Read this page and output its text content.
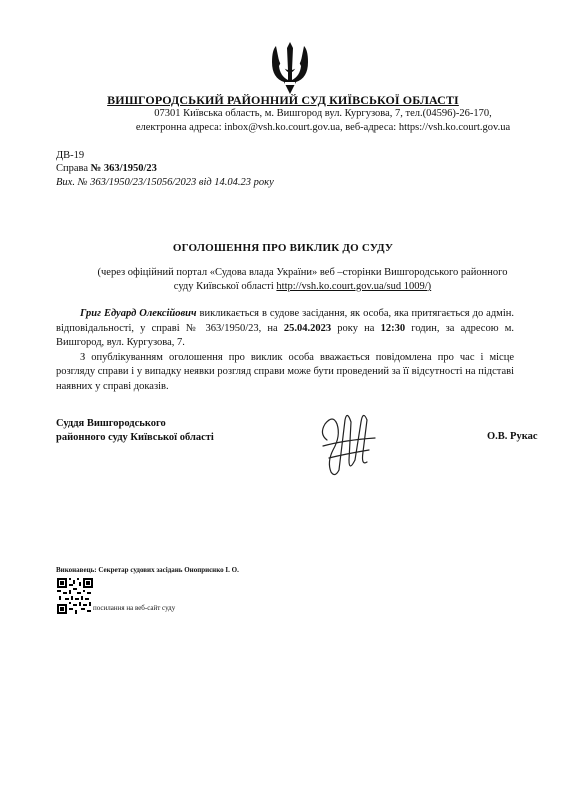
ВИШГОРОДСЬКИЙ РАЙОННИЙ СУД КИЇВСЬКОЇ ОБЛАСТІ
07301 Київська область, м. Вишгород вул. Кургузова, 7, тел.(04596)-26-170,
електронна адреса: inbox@vsh.ko.court.gov.ua, веб-адреса: https://vsh.ko.court.gov.ua
ДВ-19
Справа № 363/1950/23
Вих. № 363/1950/23/15056/2023 від 14.04.23 року
ОГОЛОШЕННЯ ПРО ВИКЛИК ДО СУДУ
(через офіційний портал «Судова влада України» веб –сторінки Вишгородського районного суду Київської області http://vsh.ko.court.gov.ua/sud 1009/)

Григ Едуард Олексійович викликається в судове засідання, як особа, яка притягається до адмін. відповідальності, у справі № 363/1950/23, на 25.04.2023 року на 12:30 годин, за адресою м. Вишгород, вул. Кургузова, 7.

З опублікуванням оголошення про виклик особа вважається повідомлена про час і місце розгляду справи і у випадку неявки розгляд справи може бути проведений за її відсутності на підставі наявних у справі доказів.

Суддя Вишгородського
районного суду Київської області	О.В. Рукас
Виконавець: Секретар судових засідань Оноприєнко І. О.
посилання на веб-сайт суду
